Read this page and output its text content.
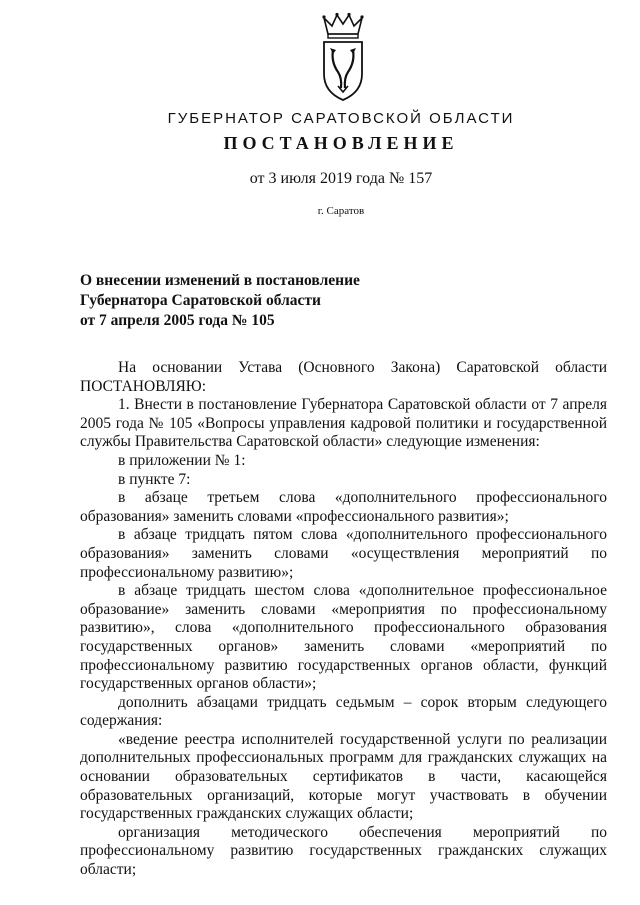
ГУБЕРНАТОР САРАТОВСКОЙ ОБЛАСТИ
ПОСТАНОВЛЕНИЕ
от 3 июля 2019 года № 157
г. Саратов
О внесении изменений в постановление
Губернатора Саратовской области
от 7 апреля 2005 года № 105

На основании Устава (Основного Закона) Саратовской области ПОСТАНОВЛЯЮ:

1. Внести в постановление Губернатора Саратовской области от 7 апреля 2005 года № 105 «Вопросы управления кадровой политики и государственной службы Правительства Саратовской области» следующие изменения:

в приложении № 1:

в пункте 7:

в абзаце третьем слова «дополнительного профессионального образования» заменить словами «профессионального развития»;

в абзаце тридцать пятом слова «дополнительного профессионального образования» заменить словами «осуществления мероприятий по профессиональному развитию»;

в абзаце тридцать шестом слова «дополнительное профессиональное образование» заменить словами «мероприятия по профессиональному развитию», слова «дополнительного профессионального образования государственных органов» заменить словами «мероприятий по профессиональному развитию государственных органов области, функций государственных органов области»;

дополнить абзацами тридцать седьмым – сорок вторым следующего содержания:

«ведение реестра исполнителей государственной услуги по реализации дополнительных профессиональных программ для гражданских служащих на основании образовательных сертификатов в части, касающейся образовательных организаций, которые могут участвовать в обучении государственных гражданских служащих области;

организация методического обеспечения мероприятий по профессиональному развитию государственных гражданских служащих области;
